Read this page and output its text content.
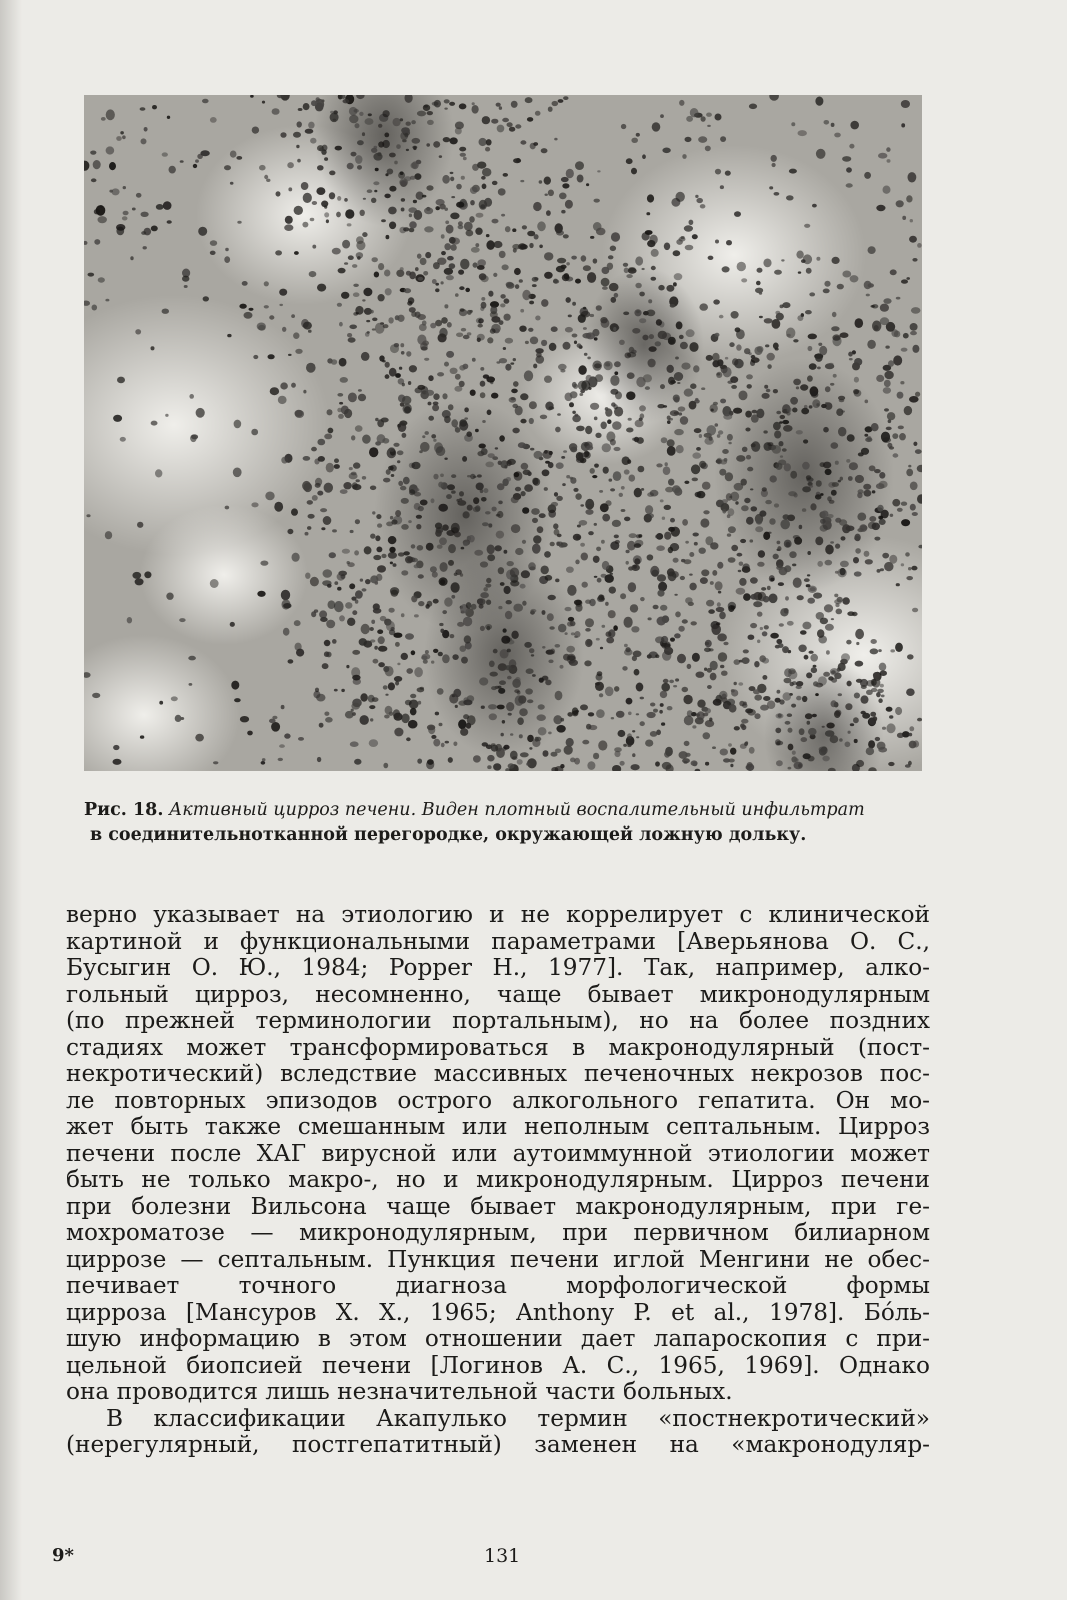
Рис. 18. Активный цирроз печени. Виден плотный воспалительный инфильтрат
в соединительнотканной перегородке, окружающей ложную дольку.

верно указывает на этиологию и не коррелирует с клинической
картиной и функциональными параметрами [Аверьянова О. С.,
Бусыгин О. Ю., 1984; Popper H., 1977]. Так, например, алко-
гольный цирроз, несомненно, чаще бывает микронодулярным
(по прежней терминологии портальным), но на более поздних
стадиях может трансформироваться в макронодулярный (пост-
некротический) вследствие массивных печеночных некрозов пос-
ле повторных эпизодов острого алкогольного гепатита. Он мо-
жет быть также смешанным или неполным септальным. Цирроз
печени после ХАГ вирусной или аутоиммунной этиологии может
быть не только макро-, но и микронодулярным. Цирроз печени
при болезни Вильсона чаще бывает макронодулярным, при ге-
мохроматозе — микронодулярным, при первичном билиарном
циррозе — септальным. Пункция печени иглой Менгини не обес-
печивает точного диагноза морфологической формы
цирроза [Мансуров X. X., 1965; Anthony P. et al., 1978]. Бо́ль-
шую информацию в этом отношении дает лапароскопия с при-
цельной биопсией печени [Логинов А. С., 1965, 1969]. Однако
она проводится лишь незначительной части больных.
В классификации Акапулько термин «постнекротический»
(нерегулярный, постгепатитный) заменен на «макронодуляр-
9*	131
